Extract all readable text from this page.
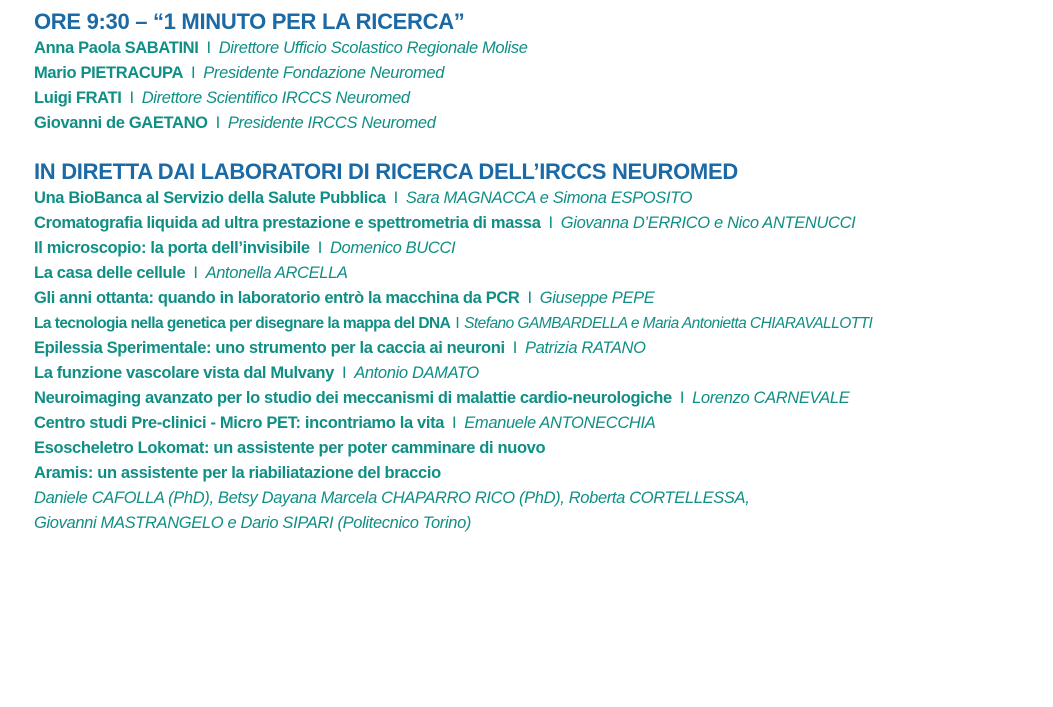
ORE 9:30 – “1 MINUTO PER LA RICERCA”
Anna Paola SABATINI I Direttore Ufficio Scolastico Regionale Molise
Mario PIETRACUPA I Presidente Fondazione Neuromed
Luigi FRATI I Direttore Scientifico IRCCS Neuromed
Giovanni de GAETANO I Presidente IRCCS Neuromed
IN DIRETTA DAI LABORATORI DI RICERCA DELL’IRCCS NEUROMED
Una BioBanca al Servizio della Salute Pubblica I Sara MAGNACCA e Simona ESPOSITO
Cromatografia liquida ad ultra prestazione e spettrometria di massa I Giovanna D’ERRICO e Nico ANTENUCCI
Il microscopio: la porta dell’invisibile I Domenico BUCCI
La casa delle cellule I Antonella ARCELLA
Gli anni ottanta: quando in laboratorio entrò la macchina da PCR I Giuseppe PEPE
La tecnologia nella genetica per disegnare la mappa del DNA I Stefano GAMBARDELLA e Maria Antonietta CHIARAVALLOTTI
Epilessia Sperimentale: uno strumento per la caccia ai neuroni I Patrizia RATANO
La funzione vascolare vista dal Mulvany I Antonio DAMATO
Neuroimaging avanzato per lo studio dei meccanismi di malattie cardio-neurologiche I Lorenzo CARNEVALE
Centro studi Pre-clinici - Micro PET: incontriamo la vita I Emanuele ANTONECCHIA
Esoscheletro Lokomat: un assistente per poter camminare di nuovo
Aramis: un assistente per la riabiliatazione del braccio
Daniele CAFOLLA (PhD), Betsy Dayana Marcela CHAPARRO RICO (PhD), Roberta CORTELLESSA,
Giovanni MASTRANGELO e Dario SIPARI (Politecnico Torino)
